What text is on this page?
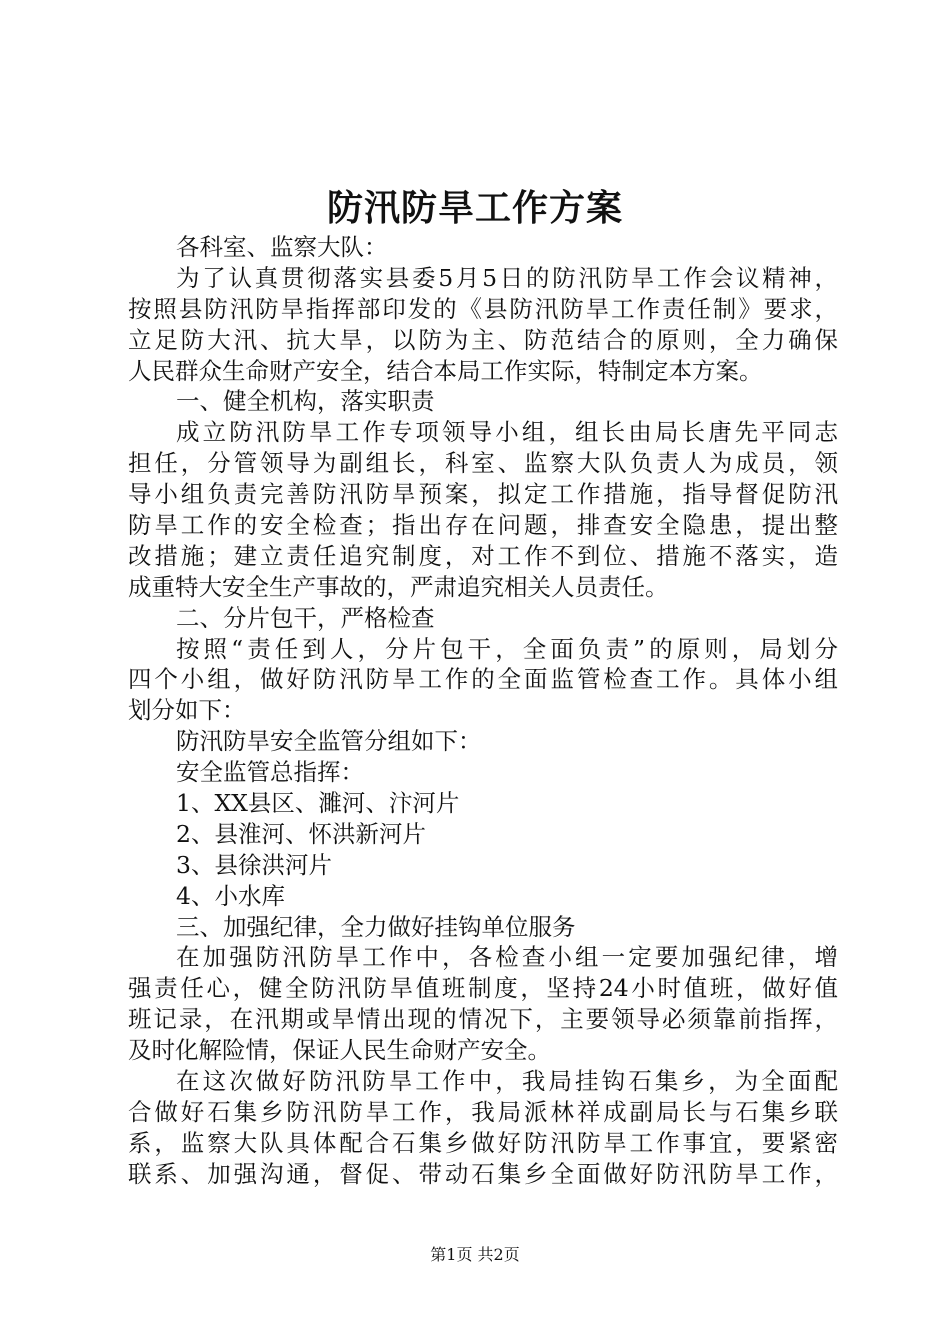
防汛防旱工作方案
各科室、监察大队：
为了认真贯彻落实县委5月5日的防汛防旱工作会议精神，
按照县防汛防旱指挥部印发的《县防汛防旱工作责任制》要求，
立足防大汛、抗大旱，以防为主、防范结合的原则，全力确保
人民群众生命财产安全，结合本局工作实际，特制定本方案。
一、健全机构，落实职责
成立防汛防旱工作专项领导小组，组长由局长唐先平同志
担任，分管领导为副组长，科室、监察大队负责人为成员，领
导小组负责完善防汛防旱预案，拟定工作措施，指导督促防汛
防旱工作的安全检查；指出存在问题，排查安全隐患，提出整
改措施；建立责任追究制度，对工作不到位、措施不落实，造
成重特大安全生产事故的，严肃追究相关人员责任。
二、分片包干，严格检查
按照“责任到人，分片包干，全面负责”的原则，局划分
四个小组，做好防汛防旱工作的全面监管检查工作。具体小组
划分如下：
防汛防旱安全监管分组如下：
安全监管总指挥：
1、XX县区、濉河、汴河片
2、县淮河、怀洪新河片
3、县徐洪河片
4、小水库
三、加强纪律，全力做好挂钩单位服务
在加强防汛防旱工作中，各检查小组一定要加强纪律，增
强责任心，健全防汛防旱值班制度，坚持24小时值班，做好值
班记录，在汛期或旱情出现的情况下，主要领导必须靠前指挥，
及时化解险情，保证人民生命财产安全。
在这次做好防汛防旱工作中，我局挂钩石集乡，为全面配
合做好石集乡防汛防旱工作，我局派林祥成副局长与石集乡联
系，监察大队具体配合石集乡做好防汛防旱工作事宜，要紧密
联系、加强沟通，督促、带动石集乡全面做好防汛防旱工作，
第1页 共2页
